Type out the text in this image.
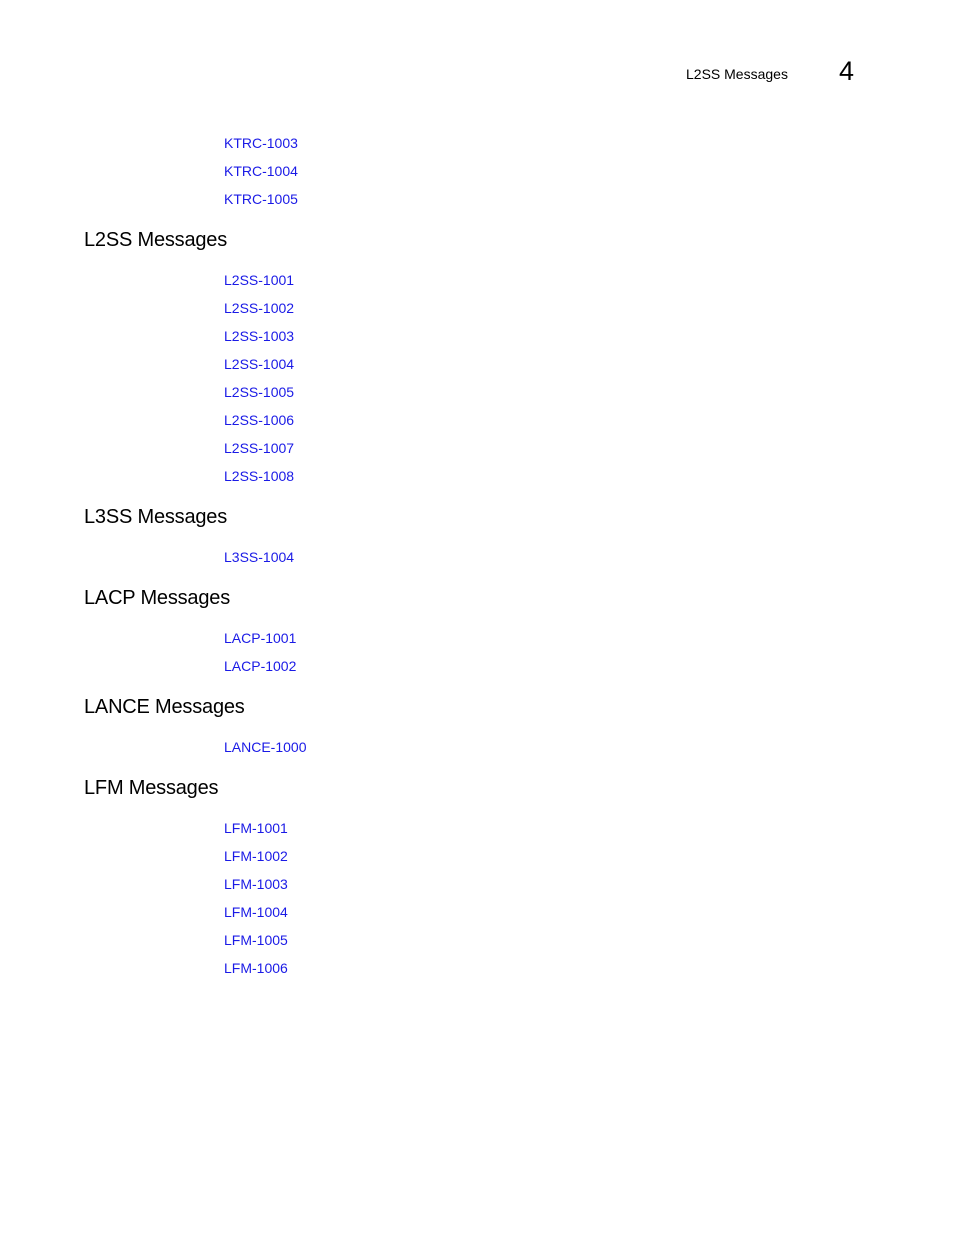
L2SS Messages 4
KTRC-1003
KTRC-1004
KTRC-1005
L2SS Messages
L2SS-1001
L2SS-1002
L2SS-1003
L2SS-1004
L2SS-1005
L2SS-1006
L2SS-1007
L2SS-1008
L3SS Messages
L3SS-1004
LACP Messages
LACP-1001
LACP-1002
LANCE Messages
LANCE-1000
LFM Messages
LFM-1001
LFM-1002
LFM-1003
LFM-1004
LFM-1005
LFM-1006
